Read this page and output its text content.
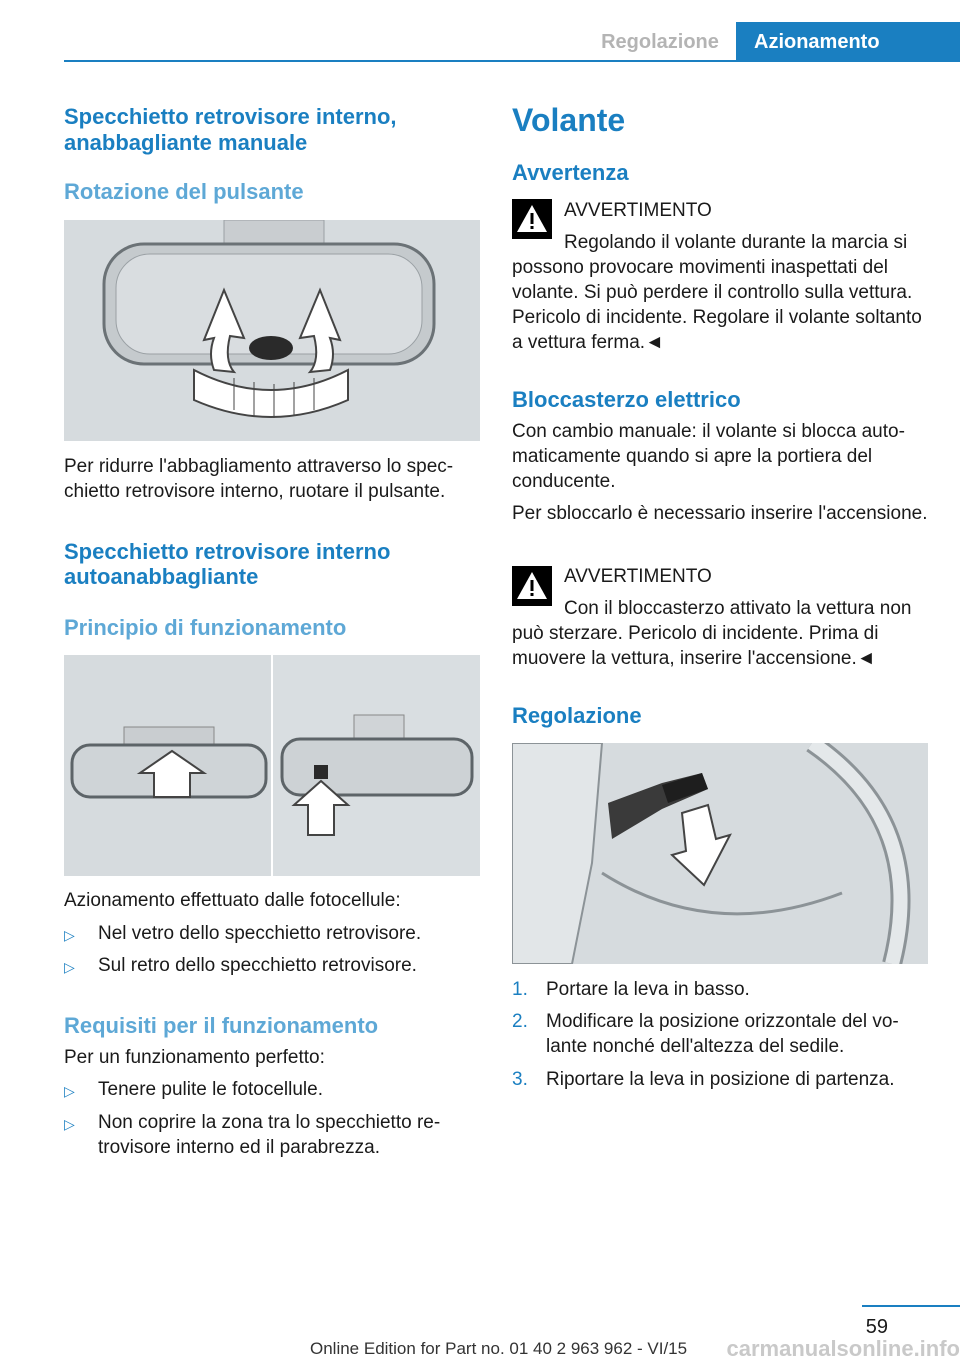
Regolazione	Azionamento

Specchietto retrovisore interno, anabbagliante manuale

Rotazione del pulsante

Per ridurre l'abbagliamento attraverso lo specchietto retrovisore interno, ruotare il pulsante.

Specchietto retrovisore interno autoanabbagliante

Principio di funzionamento

Azionamento effettuato dalle fotocellule:

▷ Nel vetro dello specchietto retrovisore.
▷ Sul retro dello specchietto retrovisore.

Requisiti per il funzionamento

Per un funzionamento perfetto:

▷ Tenere pulite le fotocellule.
▷ Non coprire la zona tra lo specchietto retrovisore interno ed il parabrezza.

Volante

Avvertenza

AVVERTIMENTO

Regolando il volante durante la marcia si possono provocare movimenti inaspettati del volante. Si può perdere il controllo sulla vettura. Pericolo di incidente. Regolare il volante soltanto a vettura ferma.◄

Bloccasterzo elettrico

Con cambio manuale: il volante si blocca automaticamente quando si apre la portiera del conducente.

Per sbloccarlo è necessario inserire l'accensione.

AVVERTIMENTO

Con il bloccasterzo attivato la vettura non può sterzare. Pericolo di incidente. Prima di muovere la vettura, inserire l'accensione.◄

Regolazione

1. Portare la leva in basso.
2. Modificare la posizione orizzontale del volante nonché dell'altezza del sedile.
3. Riportare la leva in posizione di partenza.
59
Online Edition for Part no. 01 40 2 963 962 - VI/15	carmanualsonline.info
